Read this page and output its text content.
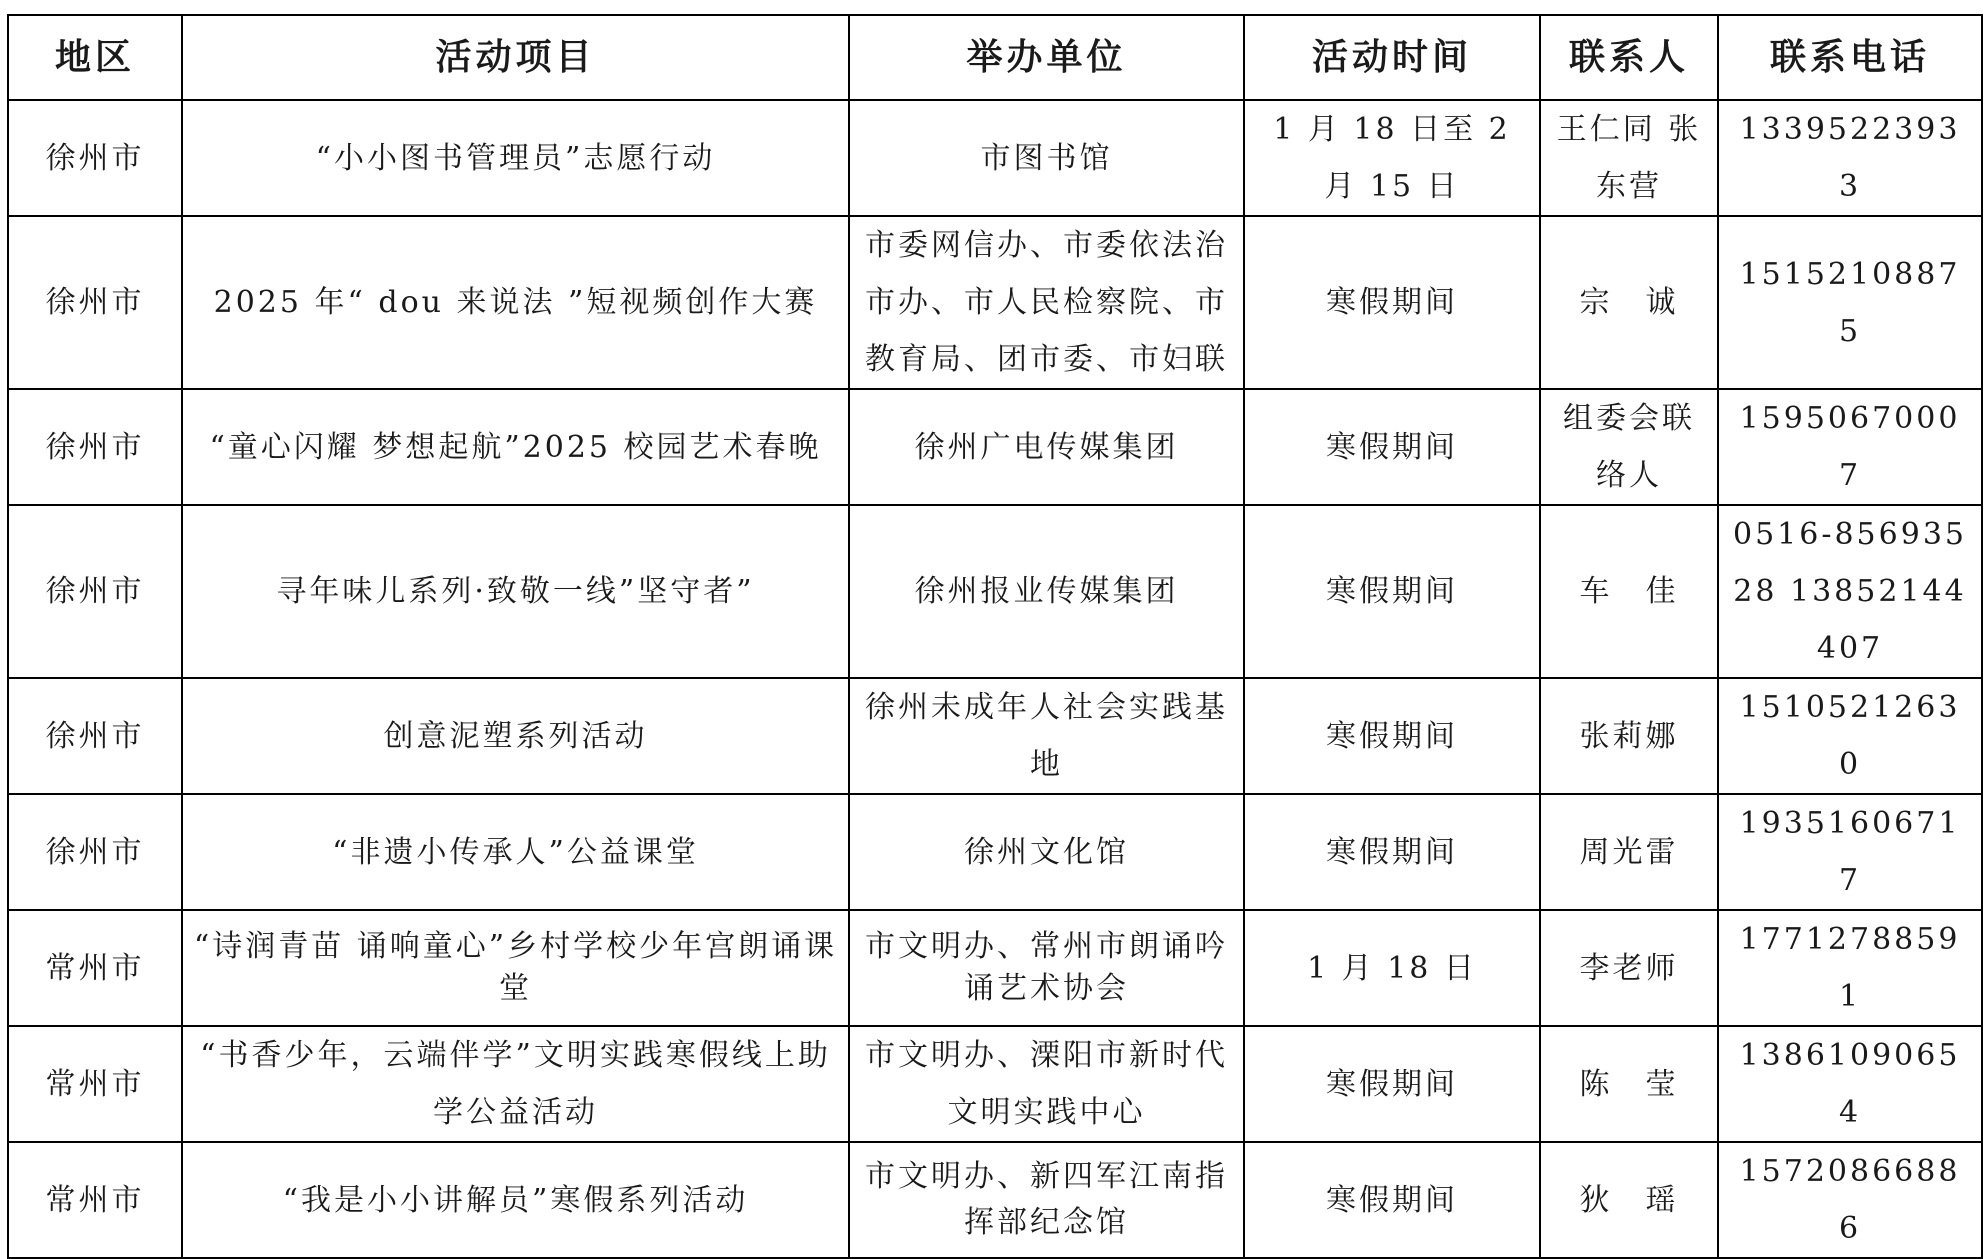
地区	活动项目	举办单位	活动时间	联系人	联系电话
徐州市	“小小图书管理员”志愿行动	市图书馆	1 月 18 日至 2 月 15 日	王仁同 张东营	13395223933
徐州市	2025 年“ dou 来说法 ”短视频创作大赛	市委网信办、市委依法治市办、市人民检察院、市教育局、团市委、市妇联	寒假期间	宗　诚	15152108875
徐州市	“童心闪耀 梦想起航”2025 校园艺术春晚	徐州广电传媒集团	寒假期间	组委会联络人	15950670007
徐州市	寻年味儿系列·致敬一线”坚守者”	徐州报业传媒集团	寒假期间	车　佳	0516-85693528 13852144407
徐州市	创意泥塑系列活动	徐州未成年人社会实践基地	寒假期间	张莉娜	15105212630
徐州市	“非遗小传承人”公益课堂	徐州文化馆	寒假期间	周光雷	19351606717
常州市	“诗润青苗 诵响童心”乡村学校少年宫朗诵课堂	市文明办、常州市朗诵吟诵艺术协会	1 月 18 日	李老师	17712788591
常州市	“书香少年，云端伴学”文明实践寒假线上助学公益活动	市文明办、溧阳市新时代文明实践中心	寒假期间	陈　莹	13861090654
常州市	“我是小小讲解员”寒假系列活动	市文明办、新四军江南指挥部纪念馆	寒假期间	狄　瑶	15720866886
